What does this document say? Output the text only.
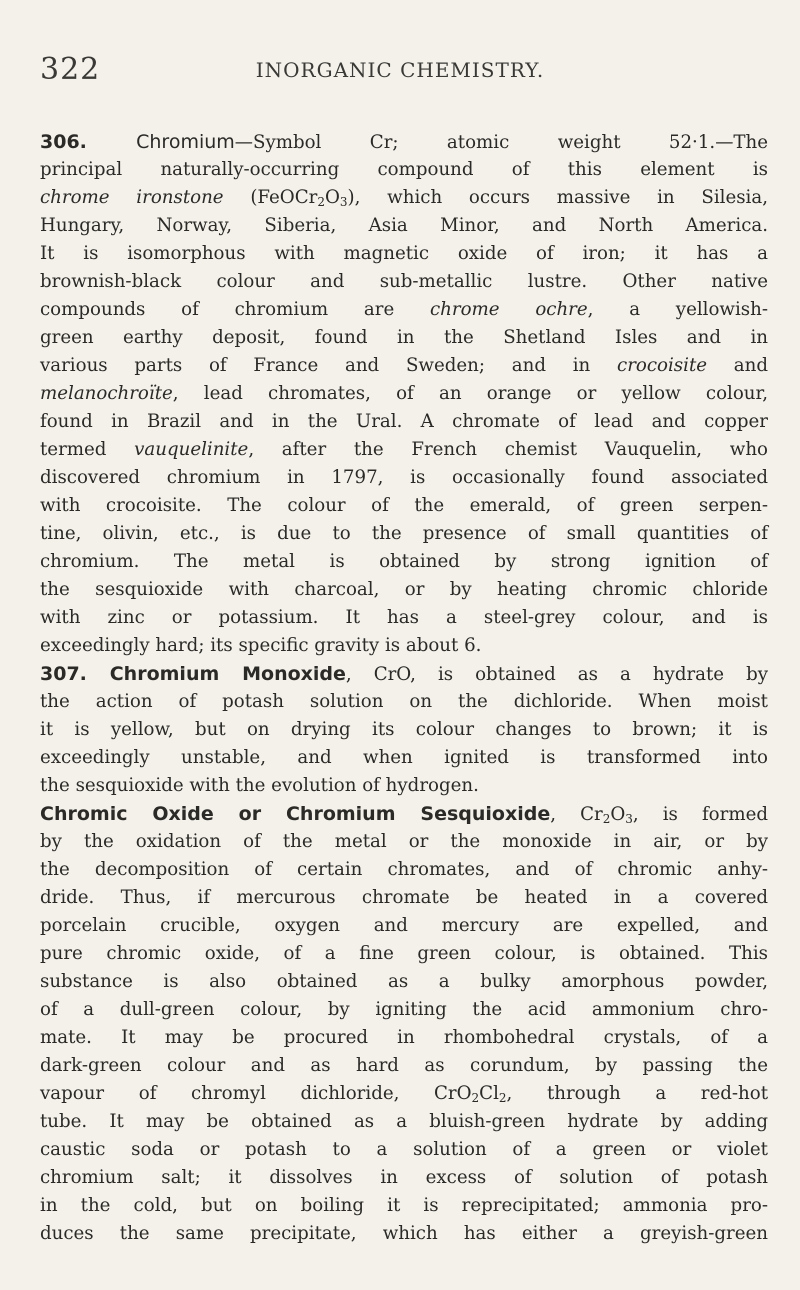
322	INORGANIC CHEMISTRY.
306. Chromium—Symbol Cr; atomic weight 52·1.—The
principal naturally-occurring compound of this element is
chrome ironstone $(FeOCr_2O_3)$, which occurs massive in Silesia,
Hungary, Norway, Siberia, Asia Minor, and North America.
It is isomorphous with magnetic oxide of iron; it has a
brownish-black colour and sub-metallic lustre. Other native
compounds of chromium are chrome ochre, a yellowish-
green earthy deposit, found in the Shetland Isles and in
various parts of France and Sweden; and in crocoisite and
melanochroïte, lead chromates, of an orange or yellow colour,
found in Brazil and in the Ural. A chromate of lead and copper
termed vauquelinite, after the French chemist Vauquelin, who
discovered chromium in 1797, is occasionally found associated
with crocoisite. The colour of the emerald, of green serpen-
tine, olivin, etc., is due to the presence of small quantities of
chromium. The metal is obtained by strong ignition of
the sesquioxide with charcoal, or by heating chromic chloride
with zinc or potassium. It has a steel-grey colour, and is
exceedingly hard; its specific gravity is about 6.
307. Chromium Monoxide, CrO, is obtained as a hydrate by
the action of potash solution on the dichloride. When moist
it is yellow, but on drying its colour changes to brown; it is
exceedingly unstable, and when ignited is transformed into
the sesquioxide with the evolution of hydrogen.
Chromic Oxide or Chromium Sesquioxide, $Cr_2O_3$, is formed
by the oxidation of the metal or the monoxide in air, or by
the decomposition of certain chromates, and of chromic anhy-
dride. Thus, if mercurous chromate be heated in a covered
porcelain crucible, oxygen and mercury are expelled, and
pure chromic oxide, of a fine green colour, is obtained. This
substance is also obtained as a bulky amorphous powder,
of a dull-green colour, by igniting the acid ammonium chro-
mate. It may be procured in rhombohedral crystals, of a
dark-green colour and as hard as corundum, by passing the
vapour of chromyl dichloride, $CrO_2Cl_2$, through a red-hot
tube. It may be obtained as a bluish-green hydrate by adding
caustic soda or potash to a solution of a green or violet
chromium salt; it dissolves in excess of solution of potash
in the cold, but on boiling it is reprecipitated; ammonia pro-
duces the same precipitate, which has either a greyish-green
